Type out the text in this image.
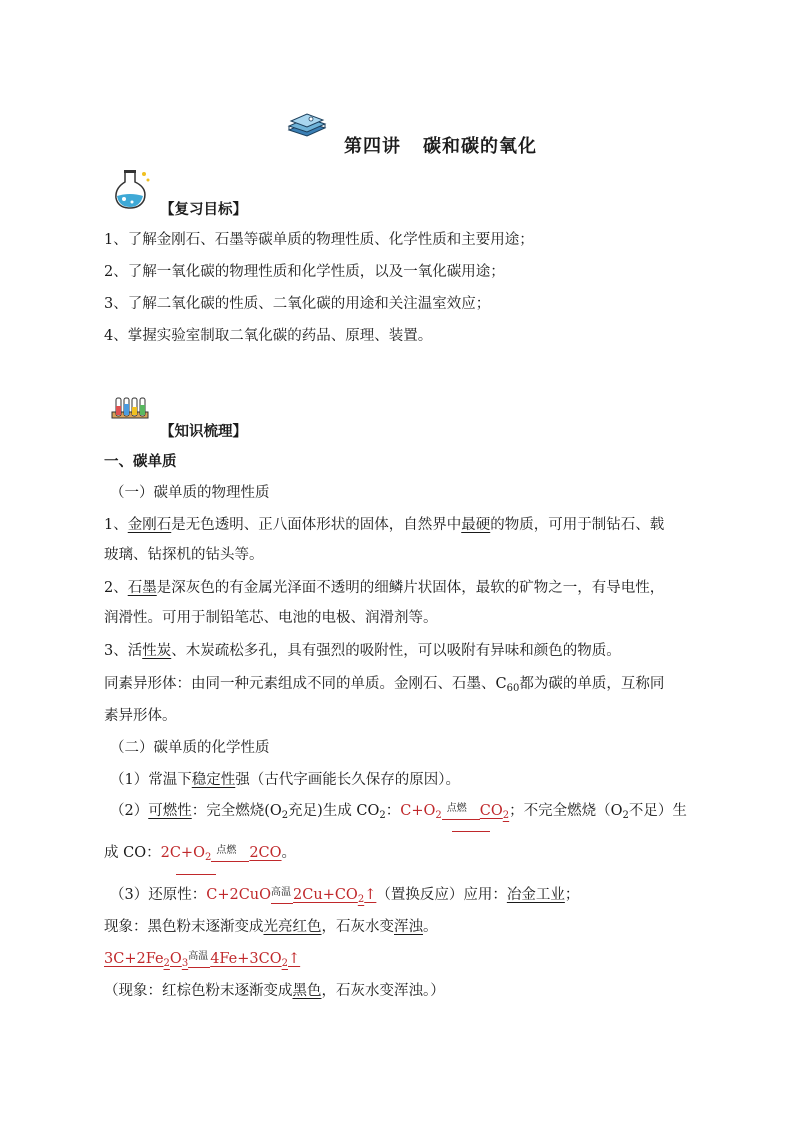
第四讲 碳和碳的氧化
【复习目标】
1、了解金刚石、石墨等碳单质的物理性质、化学性质和主要用途；
2、了解一氧化碳的物理性质和化学性质，以及一氧化碳用途；
3、了解二氧化碳的性质、二氧化碳的用途和关注温室效应；
4、掌握实验室制取二氧化碳的药品、原理、装置。
【知识梳理】
一、碳单质
（一）碳单质的物理性质
1、金刚石是无色透明、正八面体形状的固体，自然界中最硬的物质，可用于制钻石、载
玻璃、钻探机的钻头等。
2、石墨是深灰色的有金属光泽面不透明的细鳞片状固体，最软的矿物之一，有导电性，
润滑性。可用于制铅笔芯、电池的电极、润滑剂等。
3、活性炭、木炭疏松多孔，具有强烈的吸附性，可以吸附有异味和颜色的物质。
同素异形体：由同一种元素组成不同的单质。金刚石、石墨、$C_{60}$都为碳的单质，互称同
素异形体。
（二）碳单质的化学性质
（1）常温下稳定性强（古代字画能长久保存的原因）。
（2）可燃性：完全燃烧($O_2$充足)生成 $CO_2$：$C+O_2$
点燃 $CO_2$；不完全燃烧（$O_2$不足）生
成 CO：$2C+O_2$
点燃 2CO。
（3）还原性：C+2CuO 高温 $2Cu+CO_2↑$（置换反应）应用：冶金工业；
现象：黑色粉末逐渐变成光亮红色，石灰水变浑浊。
$3C+2Fe_2O_3$
高温 $4Fe+3CO_2↑$
（现象：红棕色粉末逐渐变成黑色，石灰水变浑浊。）
